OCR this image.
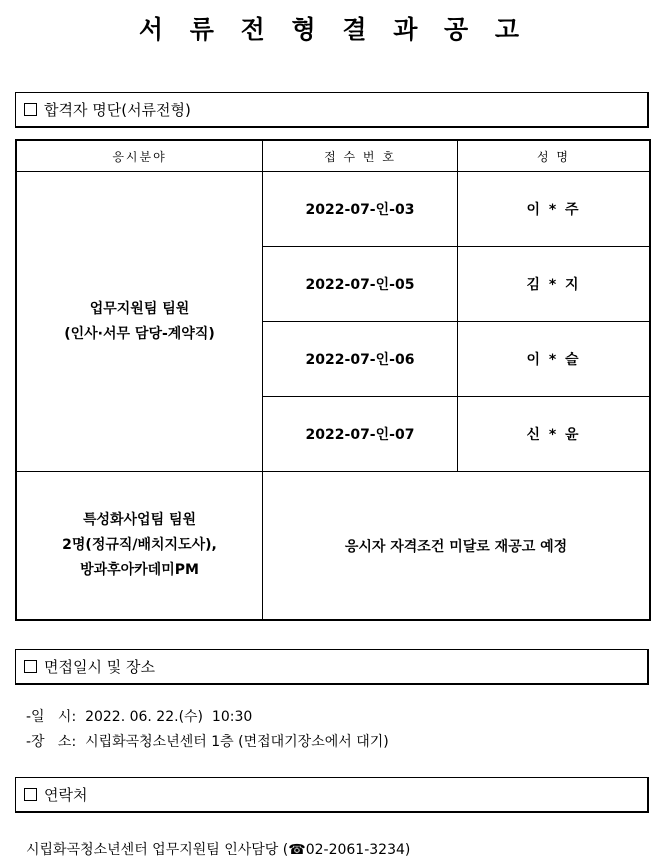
서 류 전 형 결 과 공 고
합격자 명단(서류전형)
응시분야	접 수 번 호	성 명

업무지원팀 팀원
(인사·서무 담당-계약직)	2022-07-인-03	이 * 주
	2022-07-인-05	김 * 지
	2022-07-인-06	이 * 슬
	2022-07-인-07	신 * 윤

특성화사업팀 팀원
2명(정규직/배치지도사),
방과후아카데미PM	응시자 자격조건 미달로 재공고 예정	
면접일시 및 장소
-일   시:  2022. 06. 22.(수)  10:30
-장   소:  시립화곡청소년센터 1층 (면접대기장소에서 대기)
연락처
시립화곡청소년센터 업무지원팀 인사담당 (☎02-2061-3234)
